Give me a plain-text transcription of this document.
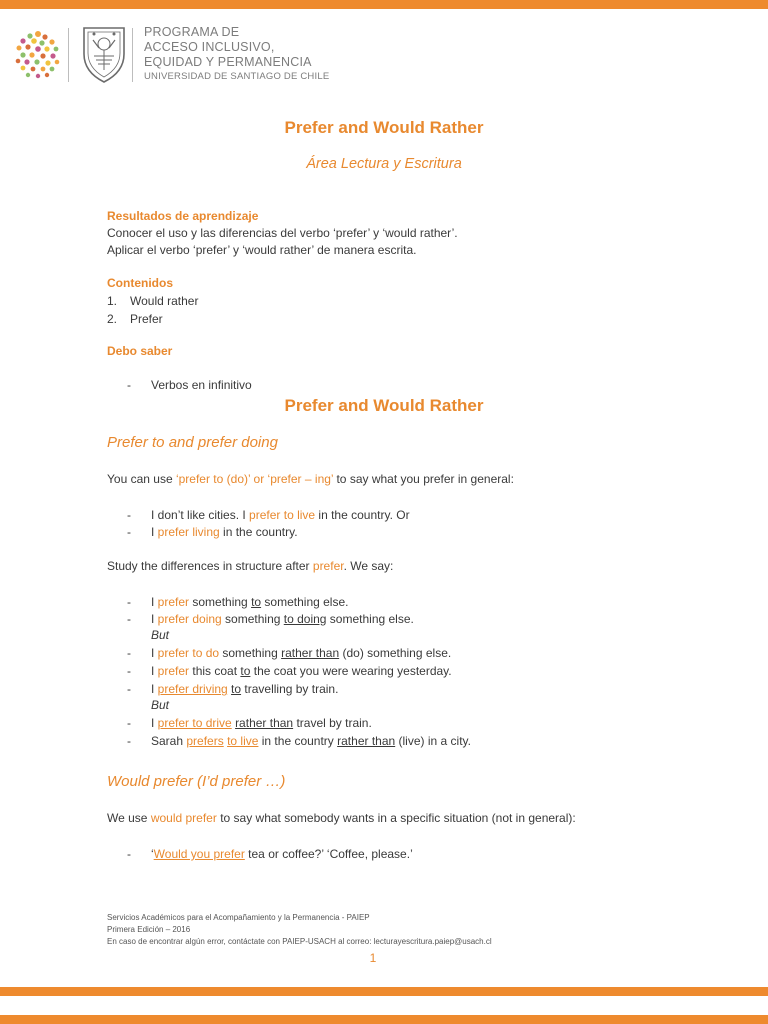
PROGRAMA DE
ACCESO INCLUSIVO,
EQUIDAD Y PERMANENCIA
UNIVERSIDAD DE SANTIAGO DE CHILE
Prefer and Would Rather
Área Lectura y Escritura
Resultados de aprendizaje
Conocer el uso y las diferencias del verbo ‘prefer’ y ‘would rather’.
Aplicar el verbo ‘prefer’ y ‘would rather’ de manera escrita.
Contenidos
1. Would rather
2. Prefer
Debo saber
- Verbos en infinitivo
Prefer and Would Rather
Prefer to and prefer doing
You can use ‘prefer to (do)’ or ‘prefer – ing’ to say what you prefer in general:
- I don’t like cities. I prefer to live in the country. Or
- I prefer living in the country.
Study the differences in structure after prefer. We say:
- I prefer something to something else.
- I prefer doing something to doing something else.
But
- I prefer to do something rather than (do) something else.
- I prefer this coat to the coat you were wearing yesterday.
- I prefer driving to travelling by train.
But
- I prefer to drive rather than travel by train.
- Sarah prefers to live in the country rather than (live) in a city.
Would prefer (I’d prefer …)
We use would prefer to say what somebody wants in a specific situation (not in general):
- ‘Would you prefer tea or coffee?’ ‘Coffee, please.’
Servicios Académicos para el Acompañamiento y la Permanencia - PAIEP
Primera Edición – 2016
En caso de encontrar algún error, contáctate con PAIEP-USACH al correo: lecturayescritura.paiep@usach.cl
1
